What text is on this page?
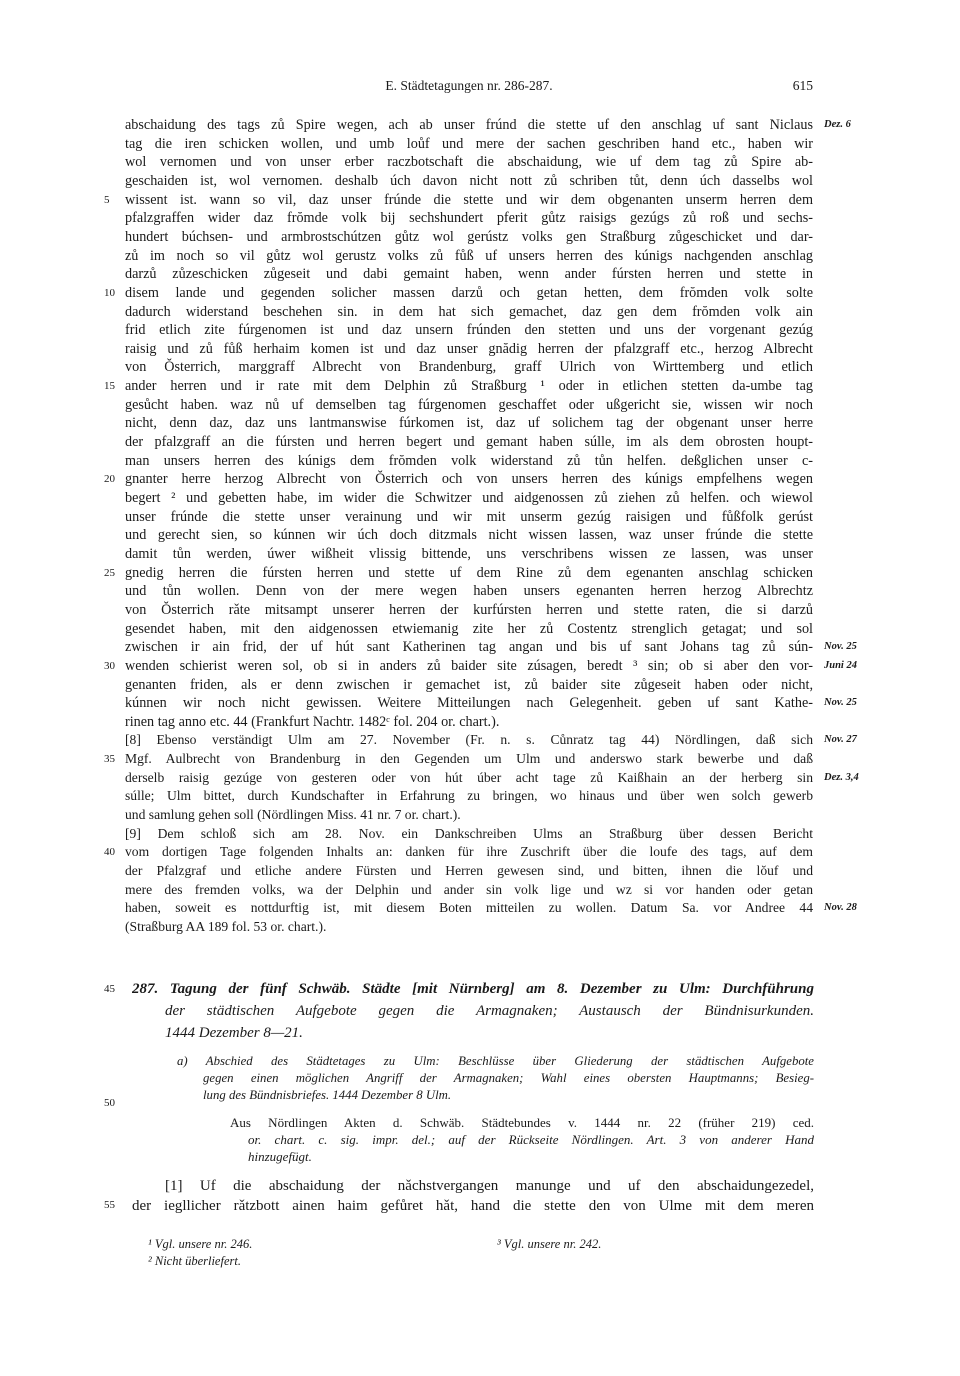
E. Städtetagungen nr. 286-287.	615
abschaidung des tags zů Spire wegen, ach ab unser frúnd die stette uf den anschlag uf sant Niclaus Dez. 6
tag die iren schicken wollen, und umb loůf und mere der sachen geschriben hand etc., haben wir
wol vernomen und von unser erber raczbotschaft die abschaidung, wie uf dem tag zů Spire ab-
geschaiden ist, wol vernomen. deshalb úch davon nicht nott zů schriben tůt, denn úch dasselbs wol
5	wissent ist. wann so vil, daz unser frúnde die stette und wir dem obgenanten unserm herren dem
pfalzgraffen wider daz frŏmde volk bij sechshundert pferit gůtz raisigs gezúgs zů roß und sechs-
hundert búchsen- und armbrostschútzen gůtz wol gerústz volks gen Straßburg zůgeschicket und dar-
zů im noch so vil gůtz wol gerustz volks zů fůß uf unsers herren des kúnigs nachgenden anschlag
darzů zůzeschicken zůgeseit und dabi gemaint haben, wenn ander fúrsten herren und stette in
10 disem lande und gegenden solicher massen darzů och getan hetten, dem frŏmden volk solte
dadurch widerstand beschehen sin. in dem hat sich gemachet, daz gen dem frŏmden volk ain
frid etlich zite fúrgenomen ist und daz unsern frúnden den stetten und uns der vorgenant gezúg
raisig und zů fůß herhaim komen ist und daz unser gnădig herren der pfalzgraff etc., herzog Albrecht
von Ŏsterrich, marggraff Albrecht von Brandenburg, graff Ulrich von Wirttemberg und etlich
15 ander herren und ir rate mit dem Delphin zů Straßburg ¹ oder in etlichen stetten da-umbe tag
gesůcht haben. waz nů uf demselben tag fúrgenomen geschaffet oder ußgericht sie, wissen wir noch
nicht, denn daz, daz uns lantmanswise fúrkomen ist, daz uf solichem tag der obgenant unser herre
der pfalzgraff an die fúrsten und herren begert und gemant haben súlle, im als dem obrosten houpt-
man unsers herren des kúnigs dem frŏmden volk widerstand zů tůn helfen. deßglichen unser c-
20 gnanter herre herzog Albrecht von Ŏsterrich och von unsers herren des kúnigs empfelhens wegen
begert ² und gebetten habe, im wider die Schwitzer und aidgenossen zů ziehen zů helfen. och wiewol
unser frúnde die stette unser verainung und wir mit unserm gezúg raisigen und fůßfolk gerúst
und gerecht sien, so kúnnen wir úch doch ditzmals nicht wissen lassen, waz unser frúnde die stette
damit tůn werden, úwer wißheit vlissig bittende, uns verschribens wissen ze lassen, was unser
25 gnedig herren die fúrsten herren und stette uf dem Rine zů dem egenanten anschlag schicken
und tůn wollen. Denn von der mere wegen haben unsers egenanten herren herzog Albrechtz
von Ŏsterrich rǎte mitsampt unserer herren der kurfúrsten herren und stette raten, die si darzů
gesendet haben, mit den aidgenossen etwiemanig zite her zů Costentz strenglich getagat; und sol
zwischen ir ain frid, der uf hút sant Katherinen tag angan und bis uf sant Johans tag zů sún- Nov. 25
30 wenden schierist weren sol, ob si in anders zů baider site zúsagen, beredt ³ sin; ob si aber den vor- Juni 24
genanten friden, als er denn zwischen ir gemachet ist, zů baider site zůgeseit haben oder nicht,
kúnnen wir noch nicht gewissen. Weitere Mitteilungen nach Gelegenheit. geben uf sant Kathe- Nov. 25
rinen tag anno etc. 44 (Frankfurt Nachtr. 1482ᶜ fol. 204 or. chart.).
[8] Ebenso verständigt Ulm am 27. November (Fr. n. s. Cůnratz tag 44) Nördlingen, daß sich Nov. 27
35 Mgf. Aulbrecht von Brandenburg in den Gegenden um Ulm und anderswo stark bewerbe und daß
derselb raisig gezúge von gesteren oder von hút úber acht tage zů Kaißhain an der herberg sin Dez. 3,4
súlle; Ulm bittet, durch Kundschafter in Erfahrung zu bringen, wo hinaus und über wen solch gewerb
und samlung gehen soll (Nördlingen Miss. 41 nr. 7 or. chart.).
[9] Dem schloß sich am 28. Nov. ein Dankschreiben Ulms an Straßburg über dessen Bericht
40 vom dortigen Tage folgenden Inhalts an: danken für ihre Zuschrift über die loufe des tags, auf dem
der Pfalzgraf und etliche andere Fürsten und Herren gewesen sind, und bitten, ihnen die lŏuf und
mere des fremden volks, wa der Delphin und ander sin volk lige und wz si vor handen oder getan
haben, soweit es nottdurftig ist, mit diesem Boten mitteilen zu wollen. Datum Sa. vor Andree 44 Nov. 28
(Straßburg AA 189 fol. 53 or. chart.).
45
50
55
287. Tagung der fünf Schwäb. Städte [mit Nürnberg] am 8. Dezember zu Ulm: Durchführung
der städtischen Aufgebote gegen die Armagnaken; Austausch der Bündnisurkunden.
1444 Dezember 8—21.
a) Abschied des Städtetages zu Ulm: Beschlüsse über Gliederung der städtischen Aufgebote
gegen einen möglichen Angriff der Armagnaken; Wahl eines obersten Hauptmanns; Besieg-
lung des Bündnisbriefes. 1444 Dezember 8 Ulm.
Aus Nördlingen Akten d. Schwäb. Städtebundes v. 1444 nr. 22 (früher 219) ced.
or. chart. c. sig. impr. del.; auf der Rückseite Nördlingen. Art. 3 von anderer Hand
hinzugefügt.
[1] Uf die abschaidung der nǎchstvergangen manunge und uf den abschaidungezedel,
der iegllicher rǎtzbott ainen haim gefůret hǎt, hand die stette den von Ulme mit dem meren
¹ Vgl. unsere nr. 246.
² Nicht überliefert.
³ Vgl. unsere nr. 242.
